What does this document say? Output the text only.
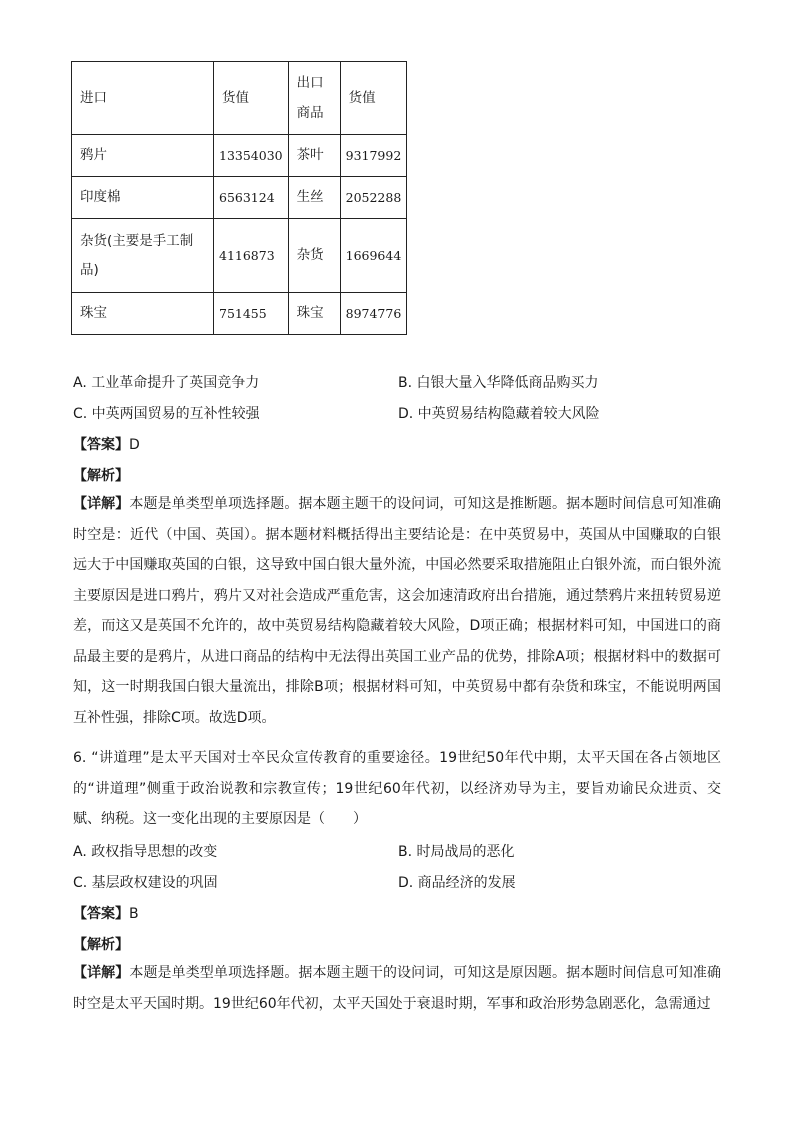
进口	货值	出口商品	货值
鸦片	13354030	茶叶	9317992
印度棉	6563124	生丝	2052288
杂货(主要是手工制品)	4116873	杂货	1669644
珠宝	751455	珠宝	8974776
A. 工业革命提升了英国竞争力	B. 白银大量入华降低商品购买力
C. 中英两国贸易的互补性较强	D. 中英贸易结构隐藏着较大风险
【答案】D
【解析】
【详解】本题是单类型单项选择题。据本题主题干的设问词，可知这是推断题。据本题时间信息可知准确时空是：近代（中国、英国）。据本题材料概括得出主要结论是：在中英贸易中，英国从中国赚取的白银远大于中国赚取英国的白银，这导致中国白银大量外流，中国必然要采取措施阻止白银外流，而白银外流主要原因是进口鸦片，鸦片又对社会造成严重危害，这会加速清政府出台措施，通过禁鸦片来扭转贸易逆差，而这又是英国不允许的，故中英贸易结构隐藏着较大风险，D项正确；根据材料可知，中国进口的商品最主要的是鸦片，从进口商品的结构中无法得出英国工业产品的优势，排除A项；根据材料中的数据可知，这一时期我国白银大量流出，排除B项；根据材料可知，中英贸易中都有杂货和珠宝，不能说明两国互补性强，排除C项。故选D项。
6. “讲道理”是太平天国对士卒民众宣传教育的重要途径。19世纪50年代中期，太平天国在各占领地区的“讲道理”侧重于政治说教和宗教宣传；19世纪60年代初，以经济劝导为主，要旨劝谕民众进贡、交赋、纳税。这一变化出现的主要原因是（　　）
A. 政权指导思想的改变	B. 时局战局的恶化
C. 基层政权建设的巩固	D. 商品经济的发展
【答案】B
【解析】
【详解】本题是单类型单项选择题。据本题主题干的设问词，可知这是原因题。据本题时间信息可知准确时空是太平天国时期。19世纪60年代初，太平天国处于衰退时期，军事和政治形势急剧恶化，急需通过
